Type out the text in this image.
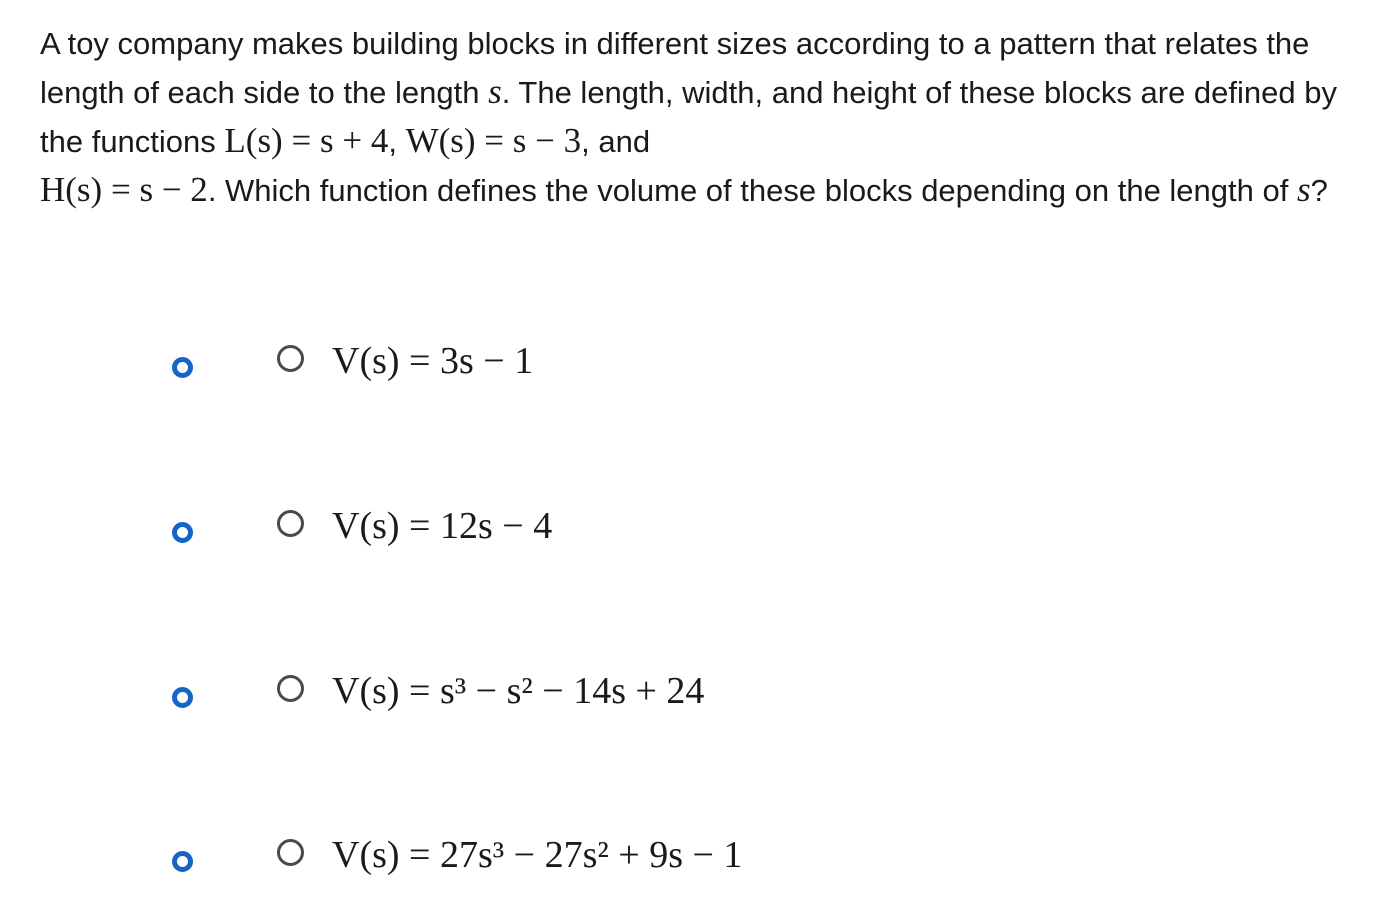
A toy company makes building blocks in different sizes according to a pattern that relates the length of each side to the length s. The length, width, and height of these blocks are defined by the functions L(s) = s + 4, W(s) = s − 3, and
H(s) = s − 2. Which function defines the volume of these blocks depending on the length of s?
V(s) = 3s − 1
V(s) = 12s − 4
V(s) = s³ − s² − 14s + 24
V(s) = 27s³ − 27s² + 9s − 1
